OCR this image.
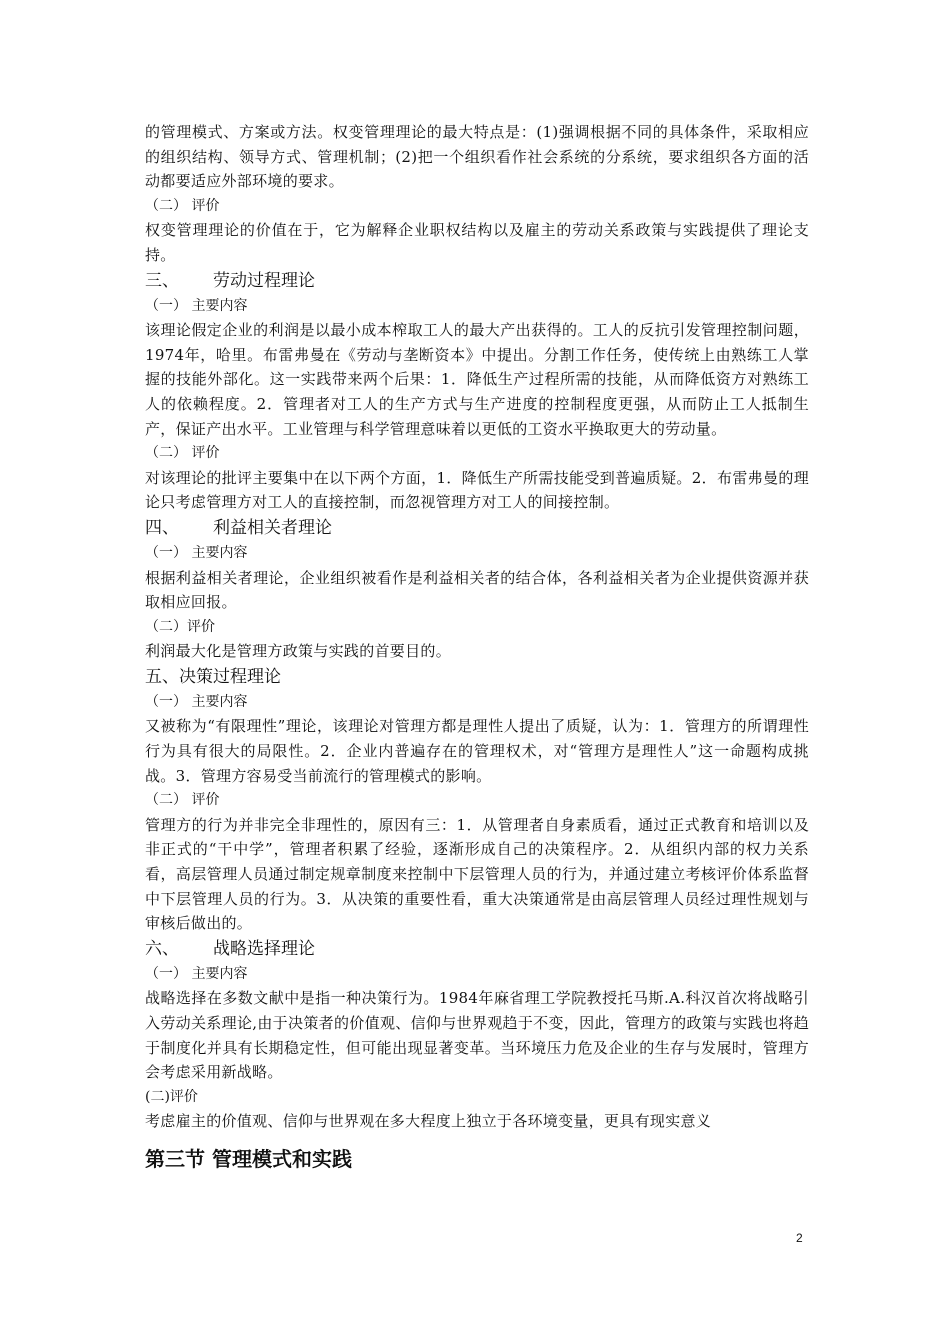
的管理模式、方案或方法。权变管理理论的最大特点是：(1)强调根据不同的具体条件，采取相应的组织结构、领导方式、管理机制；(2)把一个组织看作社会系统的分系统，要求组织各方面的活动都要适应外部环境的要求。
（二） 评价
权变管理理论的价值在于，它为解释企业职权结构以及雇主的劳动关系政策与实践提供了理论支持。
三、 劳动过程理论
（一） 主要内容
该理论假定企业的利润是以最小成本榨取工人的最大产出获得的。工人的反抗引发管理控制问题，1974年，哈里。布雷弗曼在《劳动与垄断资本》中提出。分割工作任务，使传统上由熟练工人掌握的技能外部化。这一实践带来两个后果：1．降低生产过程所需的技能，从而降低资方对熟练工人的依赖程度。2．管理者对工人的生产方式与生产进度的控制程度更强，从而防止工人抵制生产，保证产出水平。工业管理与科学管理意味着以更低的工资水平换取更大的劳动量。
（二） 评价
对该理论的批评主要集中在以下两个方面，1．降低生产所需技能受到普遍质疑。2．布雷弗曼的理论只考虑管理方对工人的直接控制，而忽视管理方对工人的间接控制。
四、 利益相关者理论
（一） 主要内容
根据利益相关者理论，企业组织被看作是利益相关者的结合体，各利益相关者为企业提供资源并获取相应回报。
（二）评价
利润最大化是管理方政策与实践的首要目的。
五、决策过程理论
（一） 主要内容
又被称为“有限理性”理论，该理论对管理方都是理性人提出了质疑，认为：1．管理方的所谓理性行为具有很大的局限性。2．企业内普遍存在的管理权术，对“管理方是理性人”这一命题构成挑战。3．管理方容易受当前流行的管理模式的影响。
（二） 评价
管理方的行为并非完全非理性的，原因有三：1．从管理者自身素质看，通过正式教育和培训以及非正式的“干中学”，管理者积累了经验，逐渐形成自己的决策程序。2．从组织内部的权力关系看，高层管理人员通过制定规章制度来控制中下层管理人员的行为，并通过建立考核评价体系监督中下层管理人员的行为。3．从决策的重要性看，重大决策通常是由高层管理人员经过理性规划与审核后做出的。
六、 战略选择理论
（一） 主要内容
战略选择在多数文献中是指一种决策行为。1984年麻省理工学院教授托马斯.A.科汉首次将战略引入劳动关系理论,由于决策者的价值观、信仰与世界观趋于不变，因此，管理方的政策与实践也将趋于制度化并具有长期稳定性，但可能出现显著变革。当环境压力危及企业的生存与发展时，管理方会考虑采用新战略。
(二)评价
考虑雇主的价值观、信仰与世界观在多大程度上独立于各环境变量，更具有现实意义
第三节 管理模式和实践
2
